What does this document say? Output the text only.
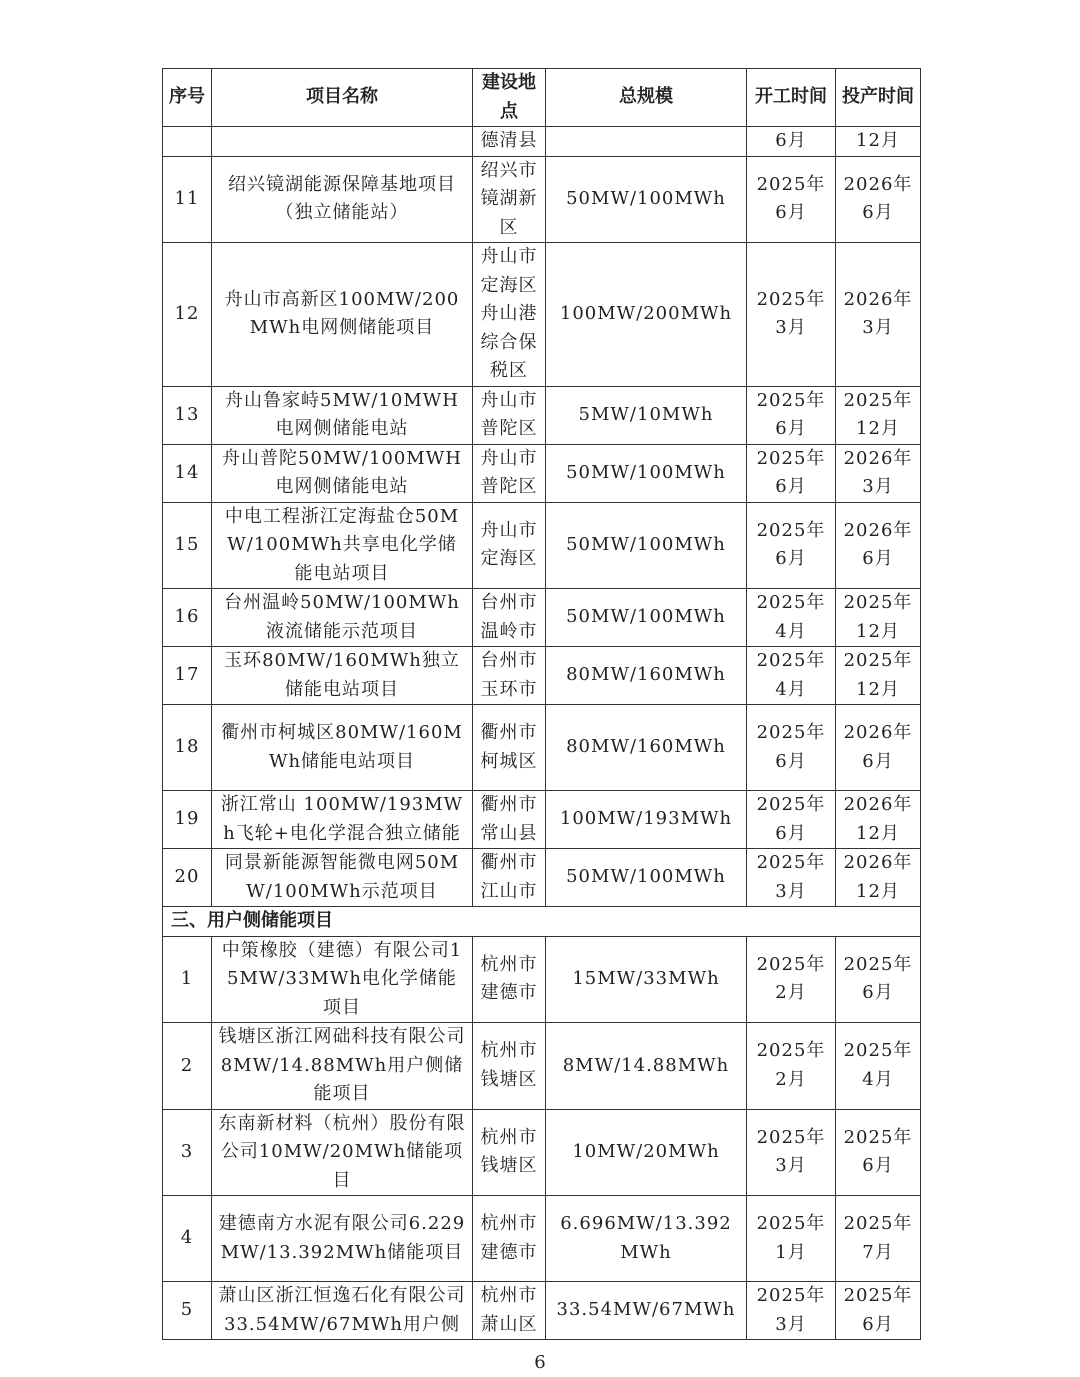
序号	项目名称	建设地点	总规模	开工时间	投产时间
		德清县		6月	12月
11	绍兴镜湖能源保障基地项目（独立储能站）	绍兴市镜湖新区	50MW/100MWh	2025年6月	2026年6月
12	舟山市高新区100MW/200MWh电网侧储能项目	舟山市定海区舟山港综合保税区	100MW/200MWh	2025年3月	2026年3月
13	舟山鲁家峙5MW/10MWH电网侧储能电站	舟山市普陀区	5MW/10MWh	2025年6月	2025年12月
14	舟山普陀50MW/100MWH电网侧储能电站	舟山市普陀区	50MW/100MWh	2025年6月	2026年3月
15	中电工程浙江定海盐仓50MW/100MWh共享电化学储能电站项目	舟山市定海区	50MW/100MWh	2025年6月	2026年6月
16	台州温岭50MW/100MWh液流储能示范项目	台州市温岭市	50MW/100MWh	2025年4月	2025年12月
17	玉环80MW/160MWh独立储能电站项目	台州市玉环市	80MW/160MWh	2025年4月	2025年12月
18	衢州市柯城区80MW/160MWh储能电站项目	衢州市柯城区	80MW/160MWh	2025年6月	2026年6月
19	浙江常山 100MW/193MWh飞轮+电化学混合独立储能	衢州市常山县	100MW/193MWh	2025年6月	2026年12月
20	同景新能源智能微电网50MW/100MWh示范项目	衢州市江山市	50MW/100MWh	2025年3月	2026年12月
三、用户侧储能项目					
1	中策橡胶（建德）有限公司15MW/33MWh电化学储能项目	杭州市建德市	15MW/33MWh	2025年2月	2025年6月
2	钱塘区浙江网础科技有限公司8MW/14.88MWh用户侧储能项目	杭州市钱塘区	8MW/14.88MWh	2025年2月	2025年4月
3	东南新材料（杭州）股份有限公司10MW/20MWh储能项目	杭州市钱塘区	10MW/20MWh	2025年3月	2025年6月
4	建德南方水泥有限公司6.229MW/13.392MWh储能项目	杭州市建德市	6.696MW/13.392MWh	2025年1月	2025年7月
5	萧山区浙江恒逸石化有限公司33.54MW/67MWh用户侧	杭州市萧山区	33.54MW/67MWh	2025年3月	2025年6月
6
